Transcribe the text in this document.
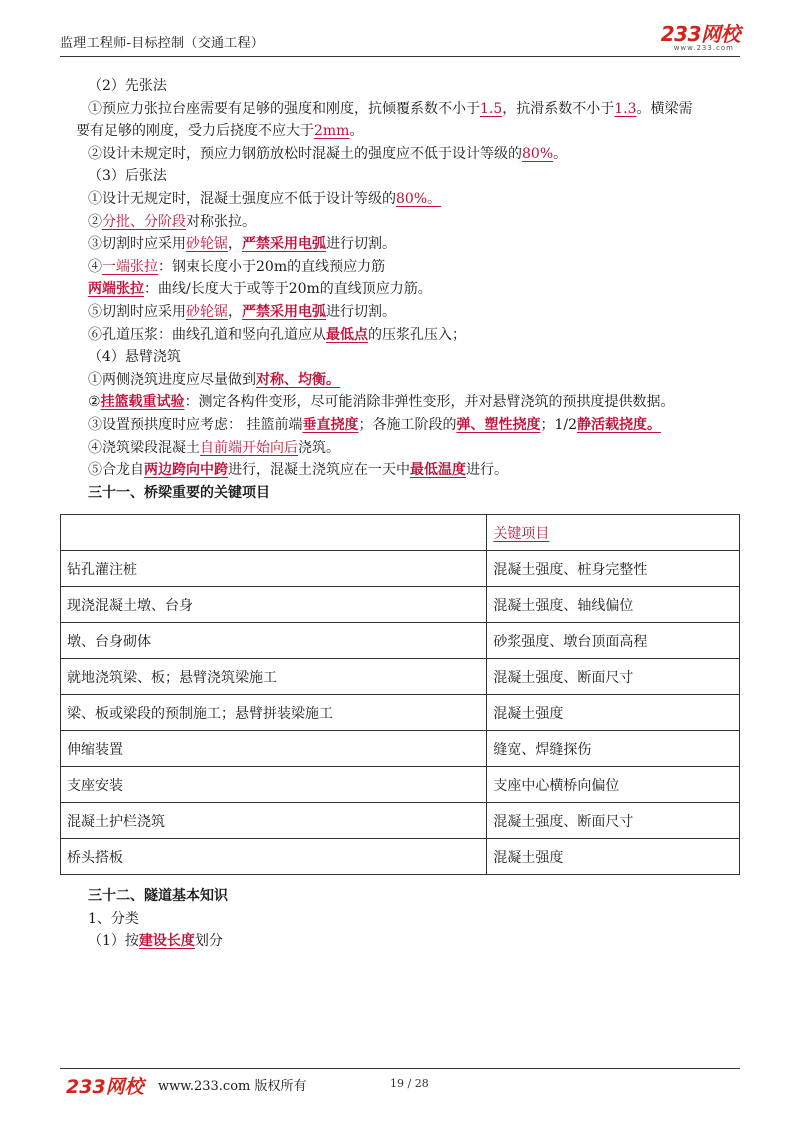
监理工程师-目标控制（交通工程）	233网校
www.233.com
（2）先张法
①预应力张拉台座需要有足够的强度和刚度，抗倾覆系数不小于1.5，抗滑系数不小于1.3。横梁需
要有足够的刚度，受力后挠度不应大于2mm。
②设计未规定时，预应力钢筋放松时混凝土的强度应不低于设计等级的80%。
（3）后张法
①设计无规定时，混凝土强度应不低于设计等级的80%。
②分批、分阶段对称张拉。
③切割时应采用砂轮锯，严禁采用电弧进行切割。
④一端张拉：钢束长度小于20m的直线预应力筋
两端张拉：曲线/长度大于或等于20m的直线顶应力筋。
⑤切割时应采用砂轮锯，严禁采用电弧进行切割。
⑥孔道压浆：曲线孔道和竖向孔道应从最低点的压浆孔压入；
（4）悬臂浇筑
①两侧浇筑进度应尽量做到对称、均衡。
②挂篮载重试验：测定各构件变形，尽可能消除非弹性变形，并对悬臂浇筑的预拱度提供数据。
③设置预拱度时应考虑： 挂篮前端垂直挠度；各施工阶段的弹、塑性挠度；1/2静活载挠度。
④浇筑梁段混凝土自前端开始向后浇筑。
⑤合龙自两边跨向中跨进行，混凝土浇筑应在一天中最低温度进行。
三十一、桥梁重要的关键项目
	关键项目
钻孔灌注桩	混凝土强度、桩身完整性
现浇混凝土墩、台身	混凝土强度、轴线偏位
墩、台身砌体	砂浆强度、墩台顶面高程
就地浇筑梁、板；悬臂浇筑梁施工	混凝土强度、断面尺寸
梁、板或梁段的预制施工；悬臂拼装梁施工	混凝土强度
伸缩装置	缝宽、焊缝探伤
支座安装	支座中心横桥向偏位
混凝土护栏浇筑	混凝土强度、断面尺寸
桥头搭板	混凝土强度
三十二、隧道基本知识
1、分类
（1）按建设长度划分
233网校 www.233.com 版权所有	19 / 28
